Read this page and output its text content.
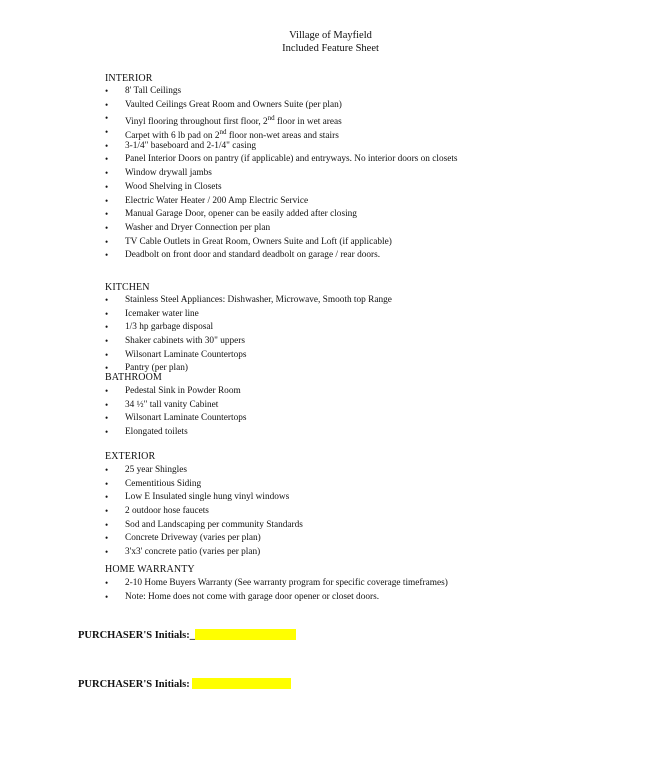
Village of Mayfield
Included Feature Sheet
INTERIOR
• 8' Tall Ceilings
• Vaulted Ceilings Great Room and Owners Suite (per plan)
• Vinyl flooring throughout first floor, 2nd floor in wet areas
• Carpet with 6 lb pad on 2nd floor non-wet areas and stairs
• 3-1/4" baseboard and 2-1/4" casing
• Panel Interior Doors on pantry (if applicable) and entryways. No interior doors on closets
• Window drywall jambs
• Wood Shelving in Closets
• Electric Water Heater / 200 Amp Electric Service
• Manual Garage Door, opener can be easily added after closing
• Washer and Dryer Connection per plan
• TV Cable Outlets in Great Room, Owners Suite and Loft (if applicable)
• Deadbolt on front door and standard deadbolt on garage / rear doors.
KITCHEN
• Stainless Steel Appliances: Dishwasher, Microwave, Smooth top Range
• Icemaker water line
• 1/3 hp garbage disposal
• Shaker cabinets with 30" uppers
• Wilsonart Laminate Countertops
• Pantry (per plan)
BATHROOM
• Pedestal Sink in Powder Room
• 34 ½" tall vanity Cabinet
• Wilsonart Laminate Countertops
• Elongated toilets
EXTERIOR
• 25 year Shingles
• Cementitious Siding
• Low E Insulated single hung vinyl windows
• 2 outdoor hose faucets
• Sod and Landscaping per community Standards
• Concrete Driveway (varies per plan)
• 3'x3' concrete patio (varies per plan)
HOME WARRANTY
• 2-10 Home Buyers Warranty (See warranty program for specific coverage timeframes)
• Note: Home does not come with garage door opener or closet doors.
PURCHASER'S Initials:_
PURCHASER'S Initials:
